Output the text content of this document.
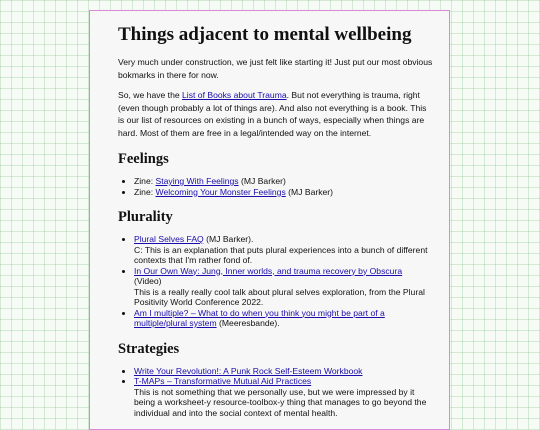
Things adjacent to mental wellbeing

Very much under construction, we just felt like starting it! Just put our most obvious bokmarks in there for now.

So, we have the List of Books about Trauma. But not everything is trauma, right (even though probably a lot of things are). And also not everything is a book. This is our list of resources on existing in a bunch of ways, especially when things are hard. Most of them are free in a legal/intended way on the internet.

Feelings
• Zine: Staying With Feelings (MJ Barker)
• Zine: Welcoming Your Monster Feelings (MJ Barker)
Plurality
• Plural Selves FAQ (MJ Barker).
C: This is an explanation that puts plural experiences into a bunch of different contexts that I'm rather fond of.
• In Our Own Way: Jung, Inner worlds, and trauma recovery by Obscura
(Video)
This is a really really cool talk about plural selves exploration, from the Plural Positivity World Conference 2022.
• Am I multiple? – What to do when you think you might be part of a multiple/plural system (Meeresbande).
Strategies
• Write Your Revolution!: A Punk Rock Self-Esteem Workbook
• T-MAPs – Transformative Mutual Aid Practices
This is not something that we personally use, but we were impressed by it being a worksheet-y resource-toolbox-y thing that manages to go beyond the individual and into the social context of mental health.
